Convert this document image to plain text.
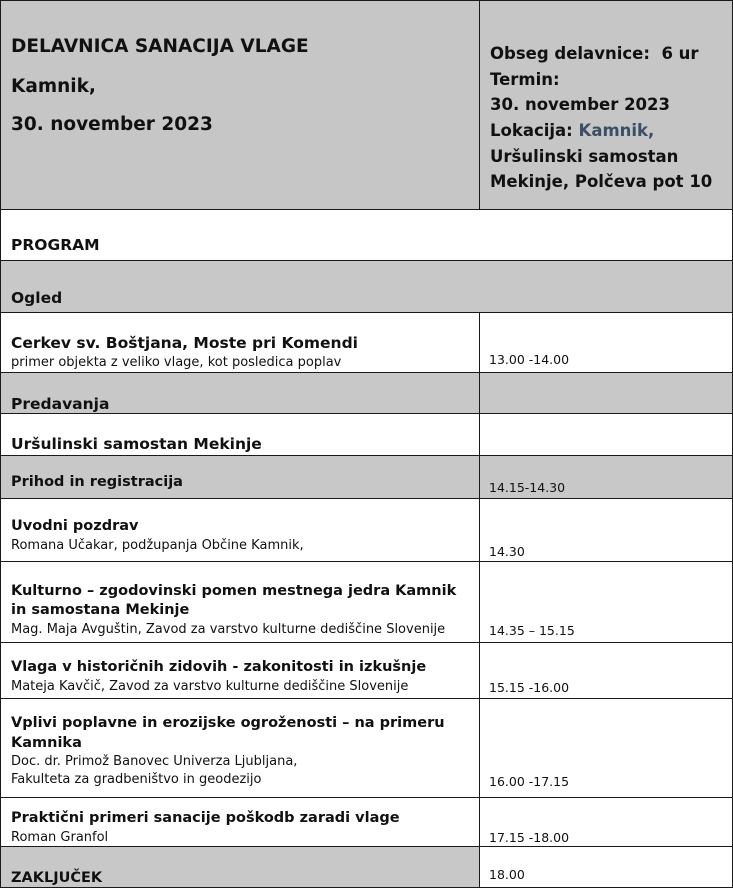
DELAVNICA SANACIJA VLAGE
Kamnik,
30. november 2023
Obseg delavnice: 6 ur
Termin:
30. november 2023
Lokacija: Kamnik,
Uršulinski samostan
Mekinje, Polčeva pot 10
PROGRAM
Ogled
Cerkev sv. Boštjana, Moste pri Komendi
primer objekta z veliko vlage, kot posledica poplav	13.00 -14.00
Predavanja
Uršulinski samostan Mekinje
Prihod in registracija	14.15-14.30
Uvodni pozdrav
Romana Učakar, podžupanja Občine Kamnik,	14.30
Kulturno – zgodovinski pomen mestnega jedra Kamnik
in samostana Mekinje
Mag. Maja Avguštin, Zavod za varstvo kulturne dediščine Slovenije	14.35 – 15.15
Vlaga v historičnih zidovih - zakonitosti in izkušnje
Mateja Kavčič, Zavod za varstvo kulturne dediščine Slovenije	15.15 -16.00
Vplivi poplavne in erozijske ogroženosti – na primeru
Kamnika
Doc. dr. Primož Banovec Univerza Ljubljana,
Fakulteta za gradbeništvo in geodezijo	16.00 -17.15
Praktični primeri sanacije poškodb zaradi vlage
Roman Granfol	17.15 -18.00
ZAKLJUČEK	18.00
